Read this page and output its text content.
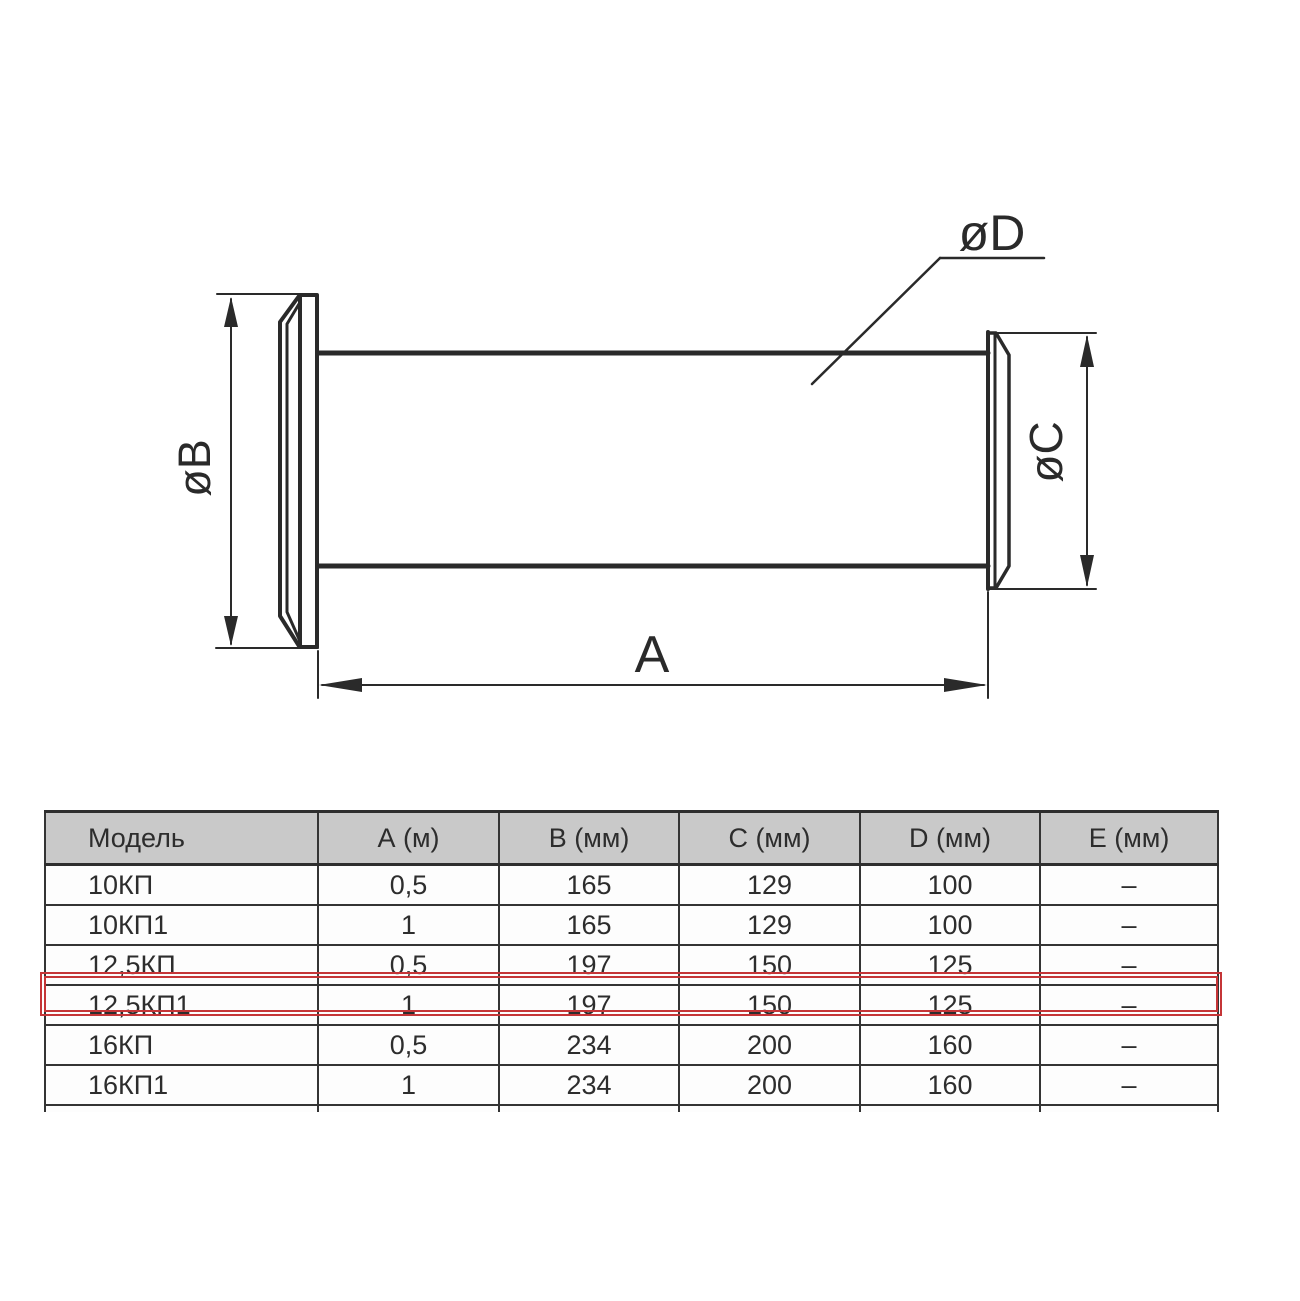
øB	øC
øD
A
Модель	А (м)	В (мм)	С (мм)	D (мм)	Е (мм)
10КП	0,5	165	129	100	–
10КП1	1	165	129	100	–
12,5КП	0,5	197	150	125	–
12,5КП1	1	197	150	125	–
16КП	0,5	234	200	160	–
16КП1	1	234	200	160	–
